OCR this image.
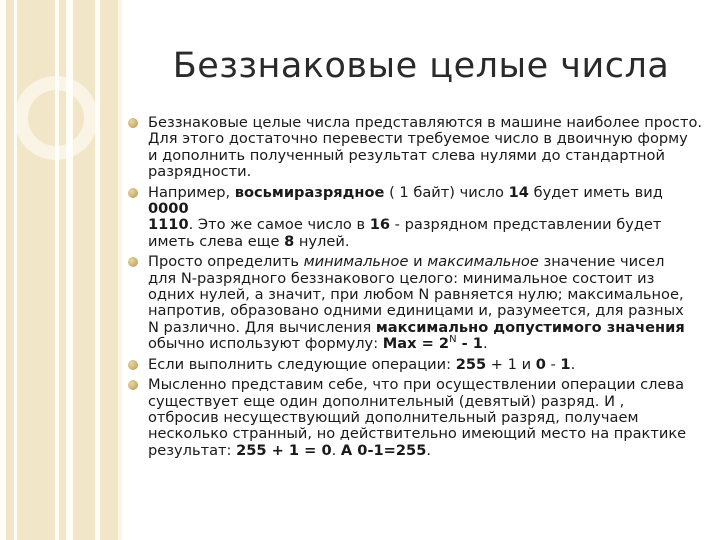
Беззнаковые целые числа
Беззнаковые целые числа представляются в машине наиболее просто.
Для этого достаточно перевести требуемое число в двоичную форму
и дополнить полученный результат слева нулями до стандартной
разрядности.
Например, восьмиразрядное ( 1 байт) число 14 будет иметь вид 0000
1110. Это же самое число в 16 - разрядном представлении будет
иметь слева еще 8 нулей.
Просто определить минимальное и максимальное значение чисел
для N-разрядного беззнакового целого: минимальное состоит из
одних нулей, а значит, при любом N равняется нулю; максимальное,
напротив, образовано одними единицами и, разумеется, для разных
N различно. Для вычисления максимально допустимого значения
обычно используют формулу: Max = $2^N - 1$.
Если выполнить следующие операции: 255 + 1 и 0 - 1.
Мысленно представим себе, что при осуществлении операции слева
существует еще один дополнительный (девятый) разряд. И ,
отбросив несуществующий дополнительный разряд, получаем
несколько странный, но действительно имеющий место на практике
результат: 255 + 1 = 0. А 0-1=255.
